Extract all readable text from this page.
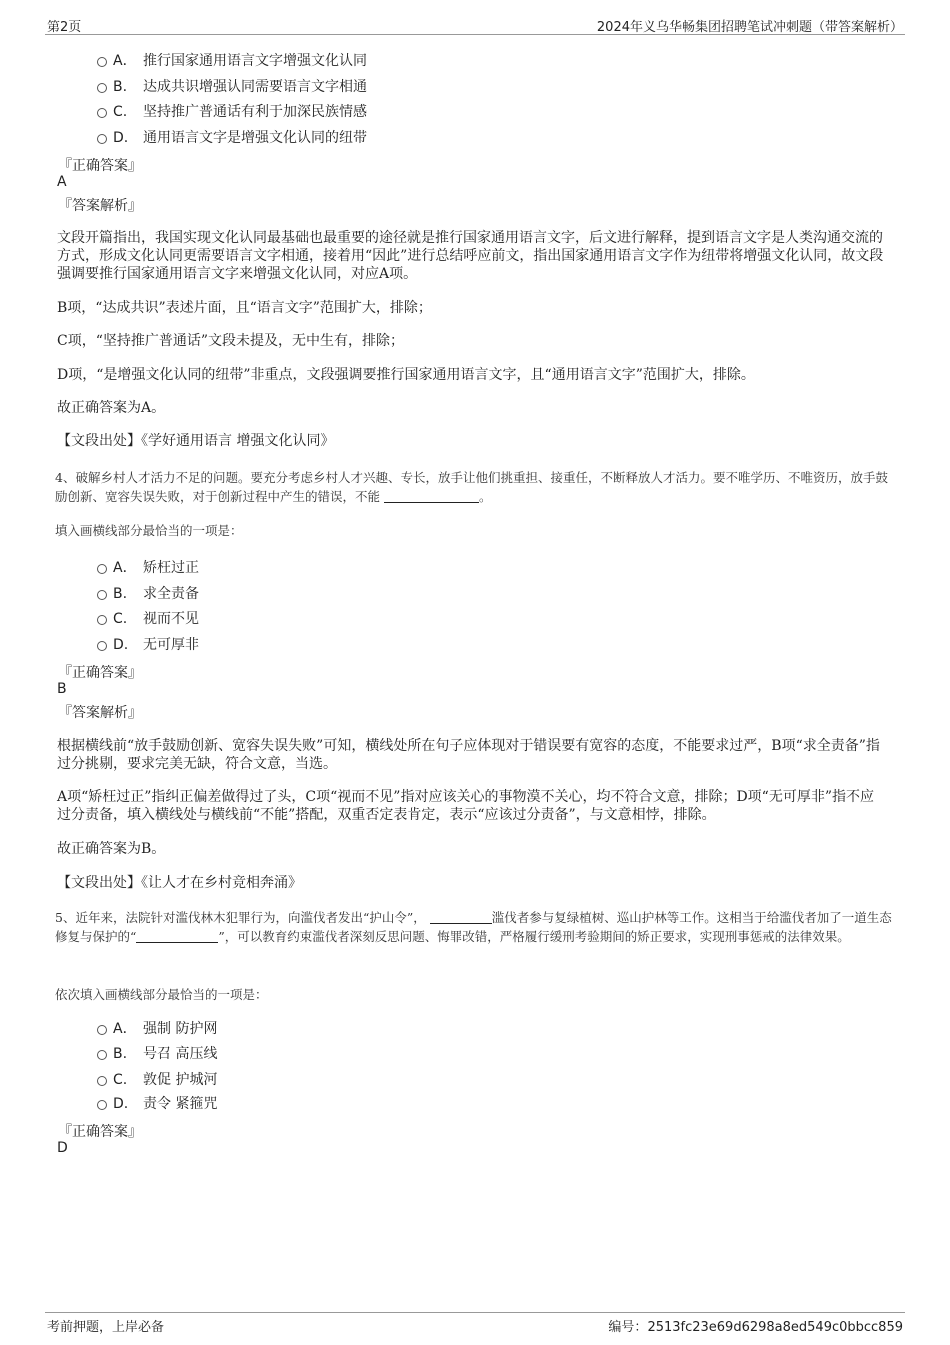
第2页	2024年义乌华畅集团招聘笔试冲刺题（带答案解析）
A． 推行国家通用语言文字增强文化认同
B. 达成共识增强认同需要语言文字相通
C. 坚持推广普通话有利于加深民族情感
D. 通用语言文字是增强文化认同的纽带
『正确答案』
A
『答案解析』
文段开篇指出，我国实现文化认同最基础也最重要的途径就是推行国家通用语言文字，后文进行解释，提到语言文字是人类沟通交流的方式，形成文化认同更需要语言文字相通，接着用“因此”进行总结呼应前文，指出国家通用语言文字作为纽带将增强文化认同，故文段强调要推行国家通用语言文字来增强文化认同，对应A项。
B项，“达成共识”表述片面，且“语言文字”范围扩大，排除；
C项，“坚持推广普通话”文段未提及，无中生有，排除；
D项，“是增强文化认同的纽带”非重点，文段强调要推行国家通用语言文字，且“通用语言文字”范围扩大，排除。
故正确答案为A。
【文段出处】《学好通用语言 增强文化认同》
4、破解乡村人才活力不足的问题。要充分考虑乡村人才兴趣、专长，放手让他们挑重担、接重任，不断释放人才活力。要不唯学历、不唯资历，放手鼓励创新、宽容失误失败，对于创新过程中产生的错误，不能	。
填入画横线部分最恰当的一项是：
A． 矫枉过正
B. 求全责备
C. 视而不见
D. 无可厚非
『正确答案』
B
『答案解析』
根据横线前“放手鼓励创新、宽容失误失败”可知，横线处所在句子应体现对于错误要有宽容的态度，不能要求过严，B项“求全责备”指过分挑剔，要求完美无缺，符合文意，当选。
A项“矫枉过正”指纠正偏差做得过了头，C项“视而不见”指对应该关心的事物漠不关心，均不符合文意，排除；D项“无可厚非”指不应过分责备，填入横线处与横线前“不能”搭配，双重否定表肯定，表示“应该过分责备”，与文意相悖，排除。
故正确答案为B。
【文段出处】《让人才在乡村竞相奔涌》
5、近年来，法院针对滥伐林木犯罪行为，向滥伐者发出“护山令”，	滥伐者参与复绿植树、巡山护林等工作。这相当于给滥伐者加了一道生态修复与保护的“	”，可以教育约束滥伐者深刻反思问题、悔罪改错，严格履行缓刑考验期间的矫正要求，实现刑事惩戒的法律效果。
依次填入画横线部分最恰当的一项是：
A． 强制 防护网
B. 号召 高压线
C. 敦促 护城河
D. 责令 紧箍咒
『正确答案』
D
考前押题，上岸必备	编号：2513fc23e69d6298a8ed549c0bbcc859
